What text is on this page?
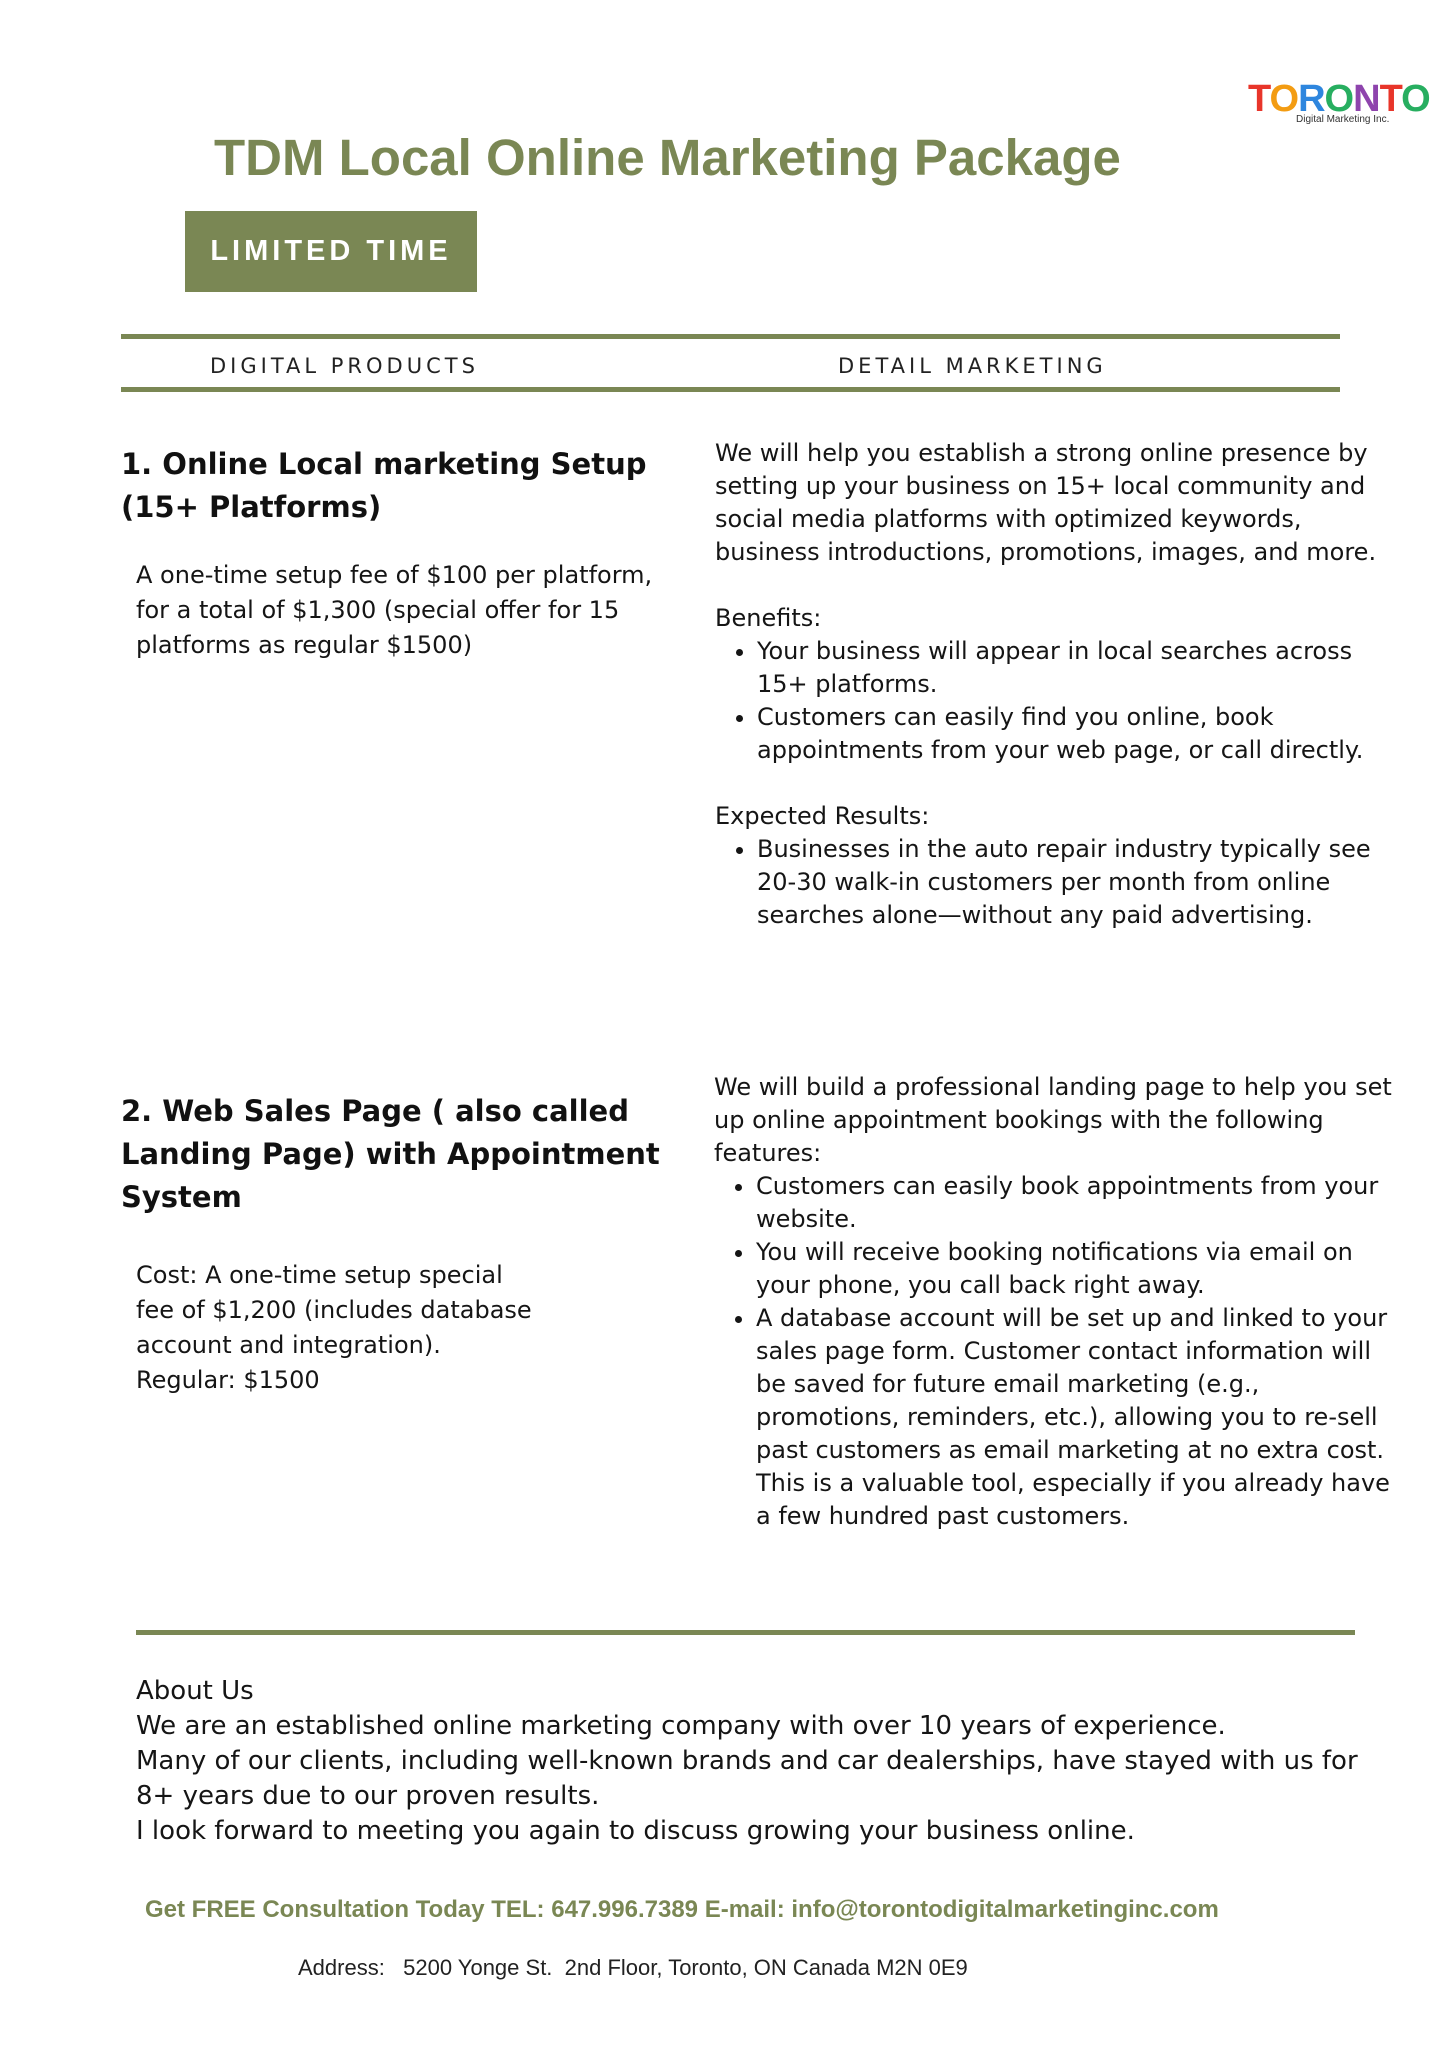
TORONTO
Digital Marketing Inc.
TDM Local Online Marketing Package
LIMITED TIME
DIGITAL PRODUCTS	DETAIL MARKETING
1. Online Local marketing Setup (15+ Platforms)
A one-time setup fee of $100 per platform, for a total of $1,300 (special offer for 15 platforms as regular $1500)

We will help you establish a strong online presence by setting up your business on 15+ local community and social media platforms with optimized keywords, business introductions, promotions, images, and more.

Benefits:

• Your business will appear in local searches across 15+ platforms.
• Customers can easily find you online, book appointments from your web page, or call directly.

Expected Results:

• Businesses in the auto repair industry typically see 20-30 walk-in customers per month from online searches alone—without any paid advertising.
2. Web Sales Page ( also called Landing Page) with Appointment System

Cost: A one-time setup special fee of $1,200 (includes database account and integration).

Regular: $1500

We will build a professional landing page to help you set up online appointment bookings with the following features:

• Customers can easily book appointments from your website.
• You will receive booking notifications via email on your phone, you call back right away.
• A database account will be set up and linked to your sales page form. Customer contact information will be saved for future email marketing (e.g., promotions, reminders, etc.), allowing you to re-sell past customers as email marketing at no extra cost. This is a valuable tool, especially if you already have a few hundred past customers.

About Us

We are an established online marketing company with over 10 years of experience.

Many of our clients, including well-known brands and car dealerships, have stayed with us for 8+ years due to our proven results.

I look forward to meeting you again to discuss growing your business online.

Get FREE Consultation Today TEL: 647.996.7389 E-mail: info@torontodigitalmarketinginc.com
Address:   5200 Yonge St.  2nd Floor, Toronto, ON Canada M2N 0E9
